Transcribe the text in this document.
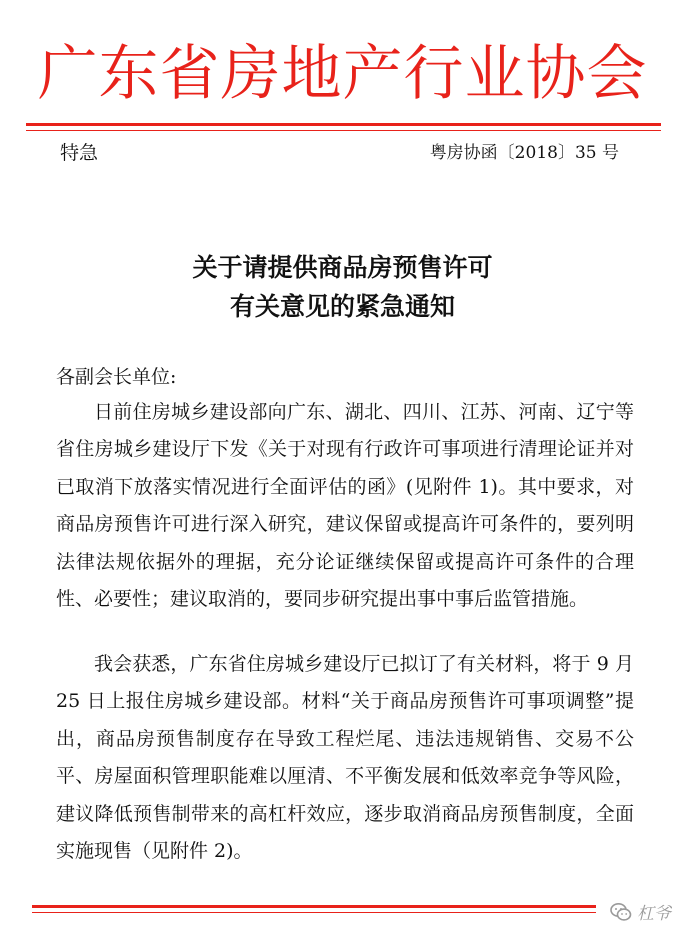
广东省房地产行业协会
特急	粤房协函〔2018〕35 号
关于请提供商品房预售许可
有关意见的紧急通知
各副会长单位:

日前住房城乡建设部向广东、湖北、四川、江苏、河南、辽宁等省住房城乡建设厅下发《关于对现有行政许可事项进行清理论证并对已取消下放落实情况进行全面评估的函》(见附件 1)。其中要求，对商品房预售许可进行深入研究，建议保留或提高许可条件的，要列明法律法规依据外的理据，充分论证继续保留或提高许可条件的合理性、必要性；建议取消的，要同步研究提出事中事后监管措施。

我会获悉，广东省住房城乡建设厅已拟订了有关材料，将于 9 月 25 日上报住房城乡建设部。材料“关于商品房预售许可事项调整”提出，商品房预售制度存在导致工程烂尾、违法违规销售、交易不公平、房屋面积管理职能难以厘清、不平衡发展和低效率竞争等风险，建议降低预售制带来的高杠杆效应，逐步取消商品房预售制度，全面实施现售（见附件 2)。

杠爷
